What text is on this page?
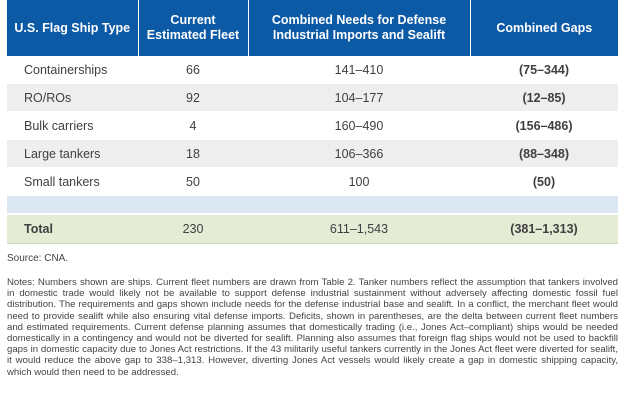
U.S. Flag Ship Type	Current Estimated Fleet	Combined Needs for Defense Industrial Imports and Sealift	Combined Gaps
Containerships	66	141–410	(75–344)
RO/ROs	92	104–177	(12–85)
Bulk carriers	4	160–490	(156–486)
Large tankers	18	106–366	(88–348)
Small tankers	50	100	(50)

Total	230	611–1,543	(381–1,313)

Source: CNA.

Notes: Numbers shown are ships. Current fleet numbers are drawn from Table 2. Tanker numbers reflect the assumption that tankers involved in domestic trade would likely not be available to support defense industrial sustainment without adversely affecting domestic fossil fuel distribution. The requirements and gaps shown include needs for the defense industrial base and sealift. In a conflict, the merchant fleet would need to provide sealift while also ensuring vital defense imports. Deficits, shown in parentheses, are the delta between current fleet numbers and estimated requirements. Current defense planning assumes that domestically trading (i.e., Jones Act–compliant) ships would be needed domestically in a contingency and would not be diverted for sealift. Planning also assumes that foreign flag ships would not be used to backfill gaps in domestic capacity due to Jones Act restrictions. If the 43 militarily useful tankers currently in the Jones Act fleet were diverted for sealift, it would reduce the above gap to 338–1,313. However, diverting Jones Act vessels would likely create a gap in domestic shipping capacity, which would then need to be addressed.
